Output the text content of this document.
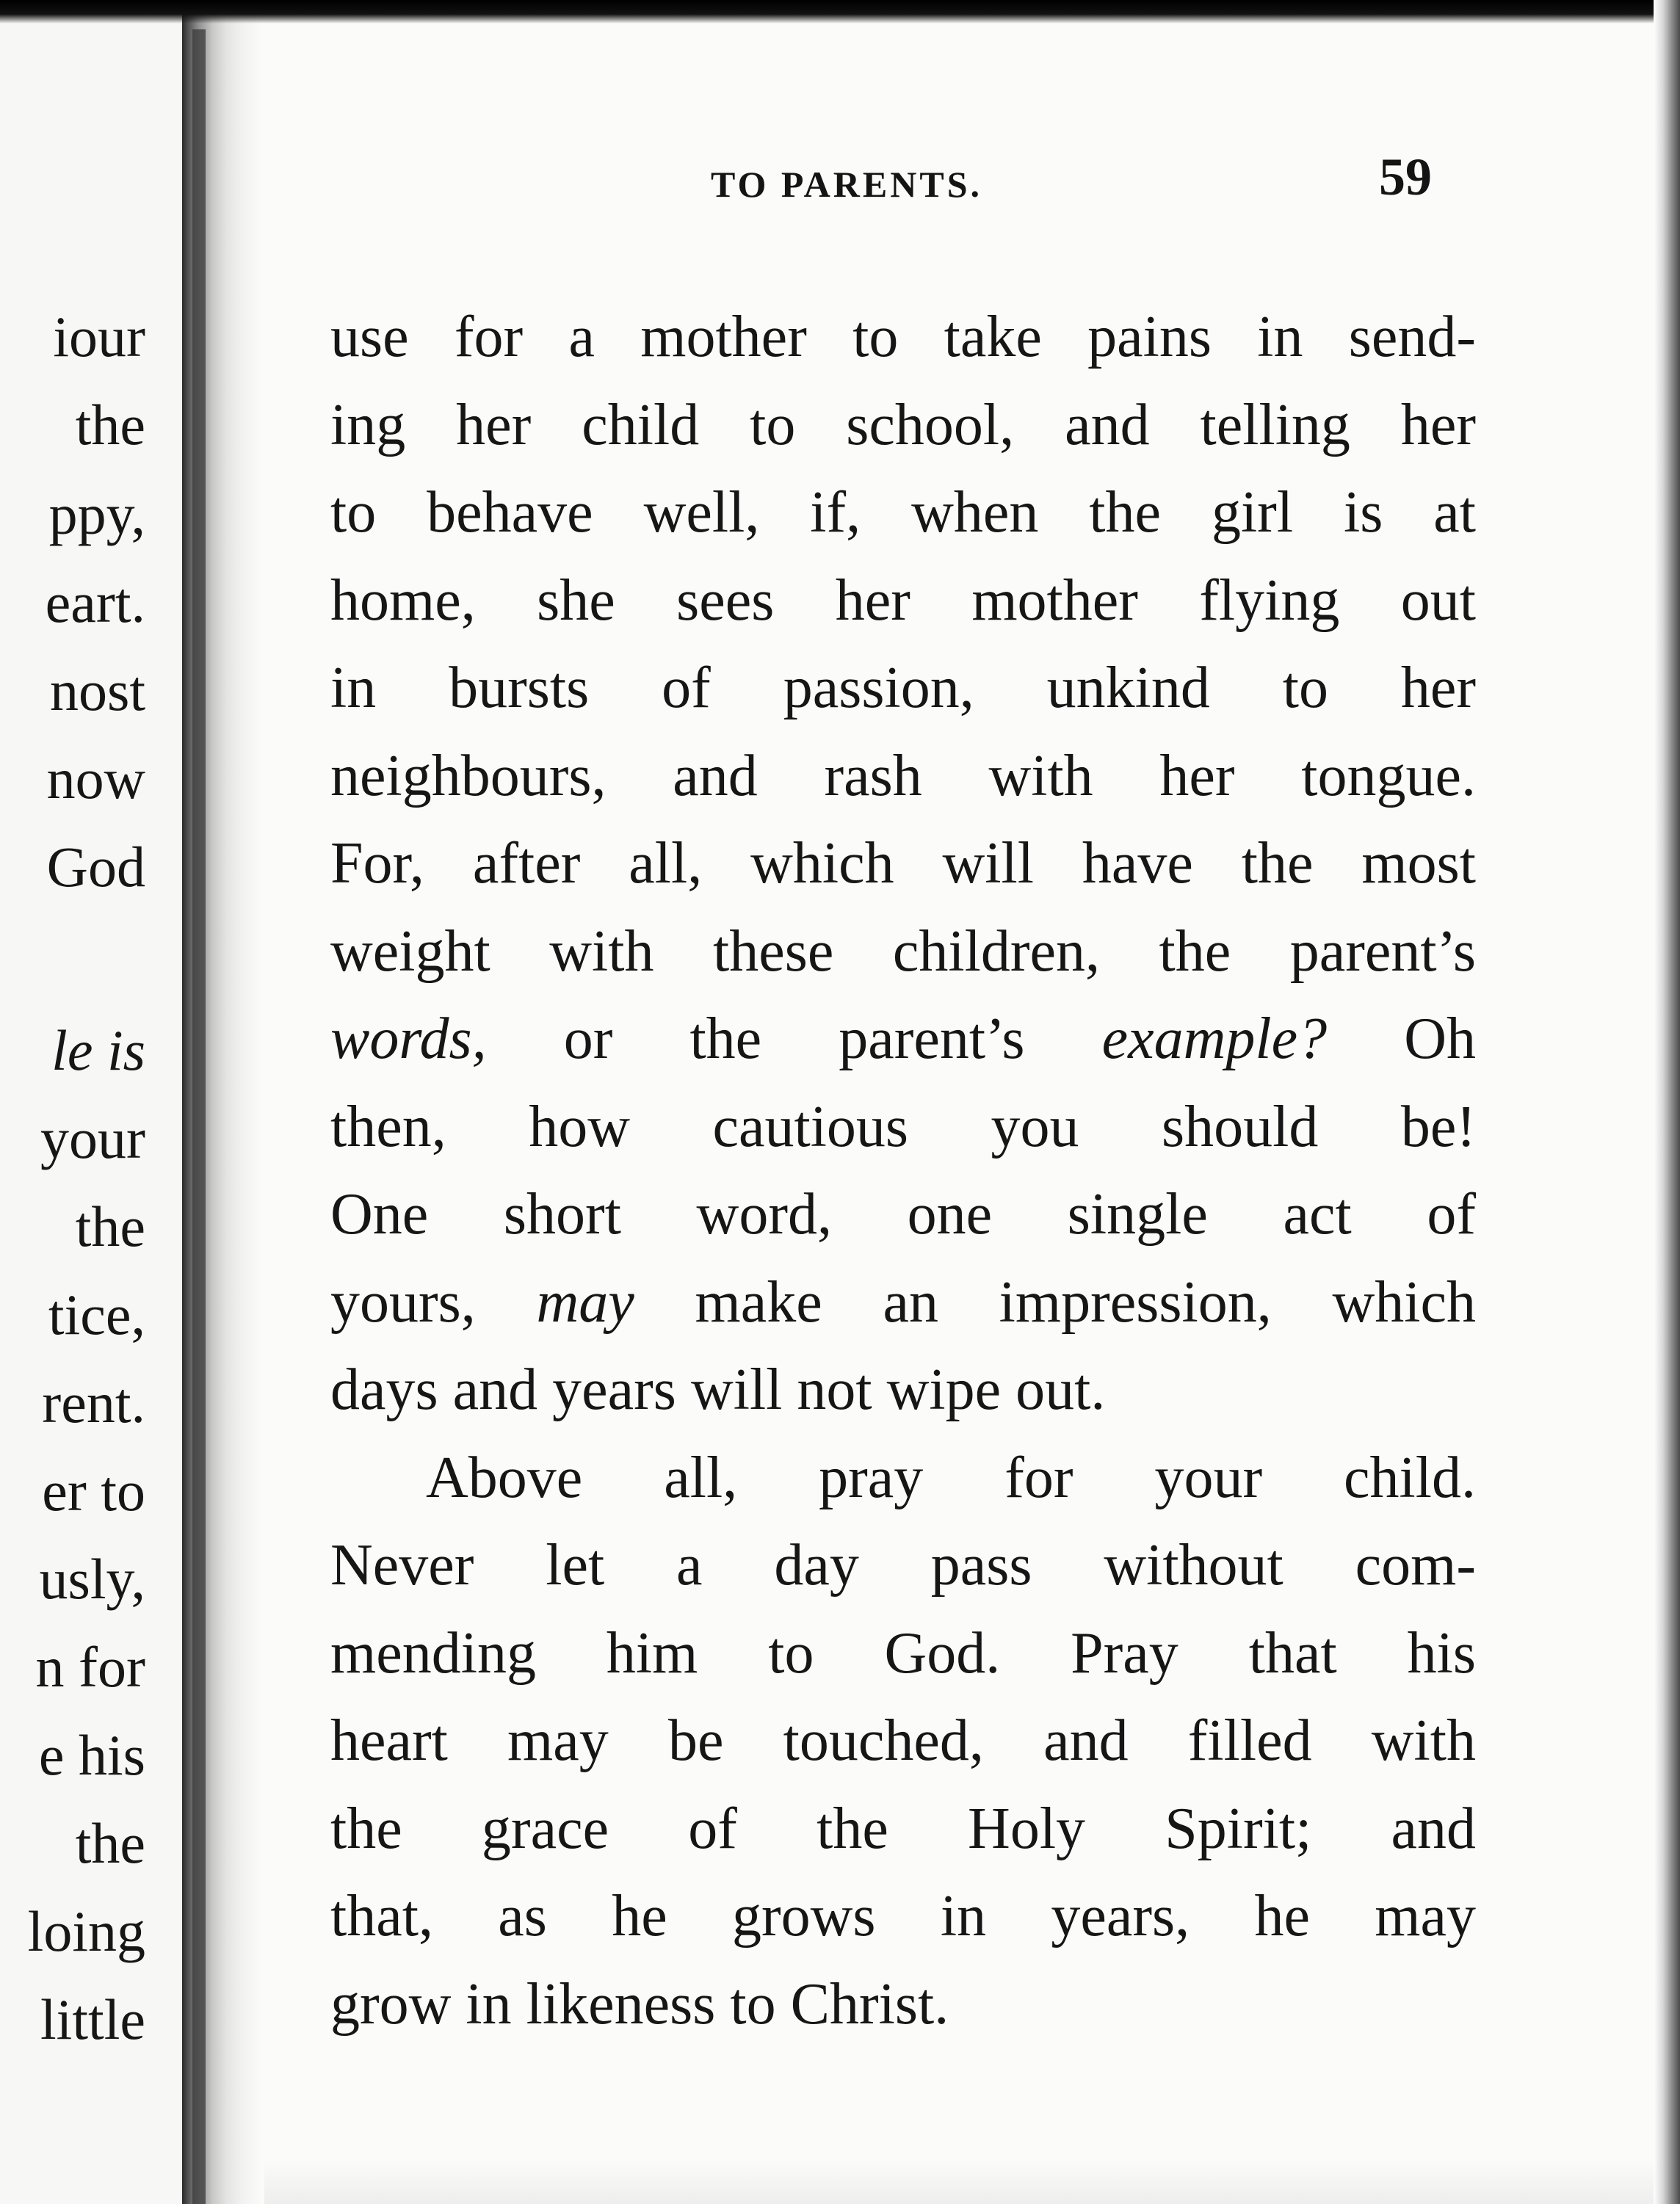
iour
the
ppy,
eart.
nost
now
God
le is
your
the
tice,
rent.
er to
usly,
n for
e his
the
loing
little
TO PARENTS.	59
use for a mother to take pains in send-
ing her child to school, and telling her
to behave well, if, when the girl is at
home, she sees her mother flying out
in bursts of passion, unkind to her
neighbours, and rash with her tongue.
For, after all, which will have the most
weight with these children, the parent’s
words, or the parent’s example? Oh
then, how cautious you should be!
One short word, one single act of
yours, may make an impression, which
days and years will not wipe out.
Above all, pray for your child.
Never let a day pass without com-
mending him to God. Pray that his
heart may be touched, and filled with
the grace of the Holy Spirit; and
that, as he grows in years, he may
grow in likeness to Christ.
